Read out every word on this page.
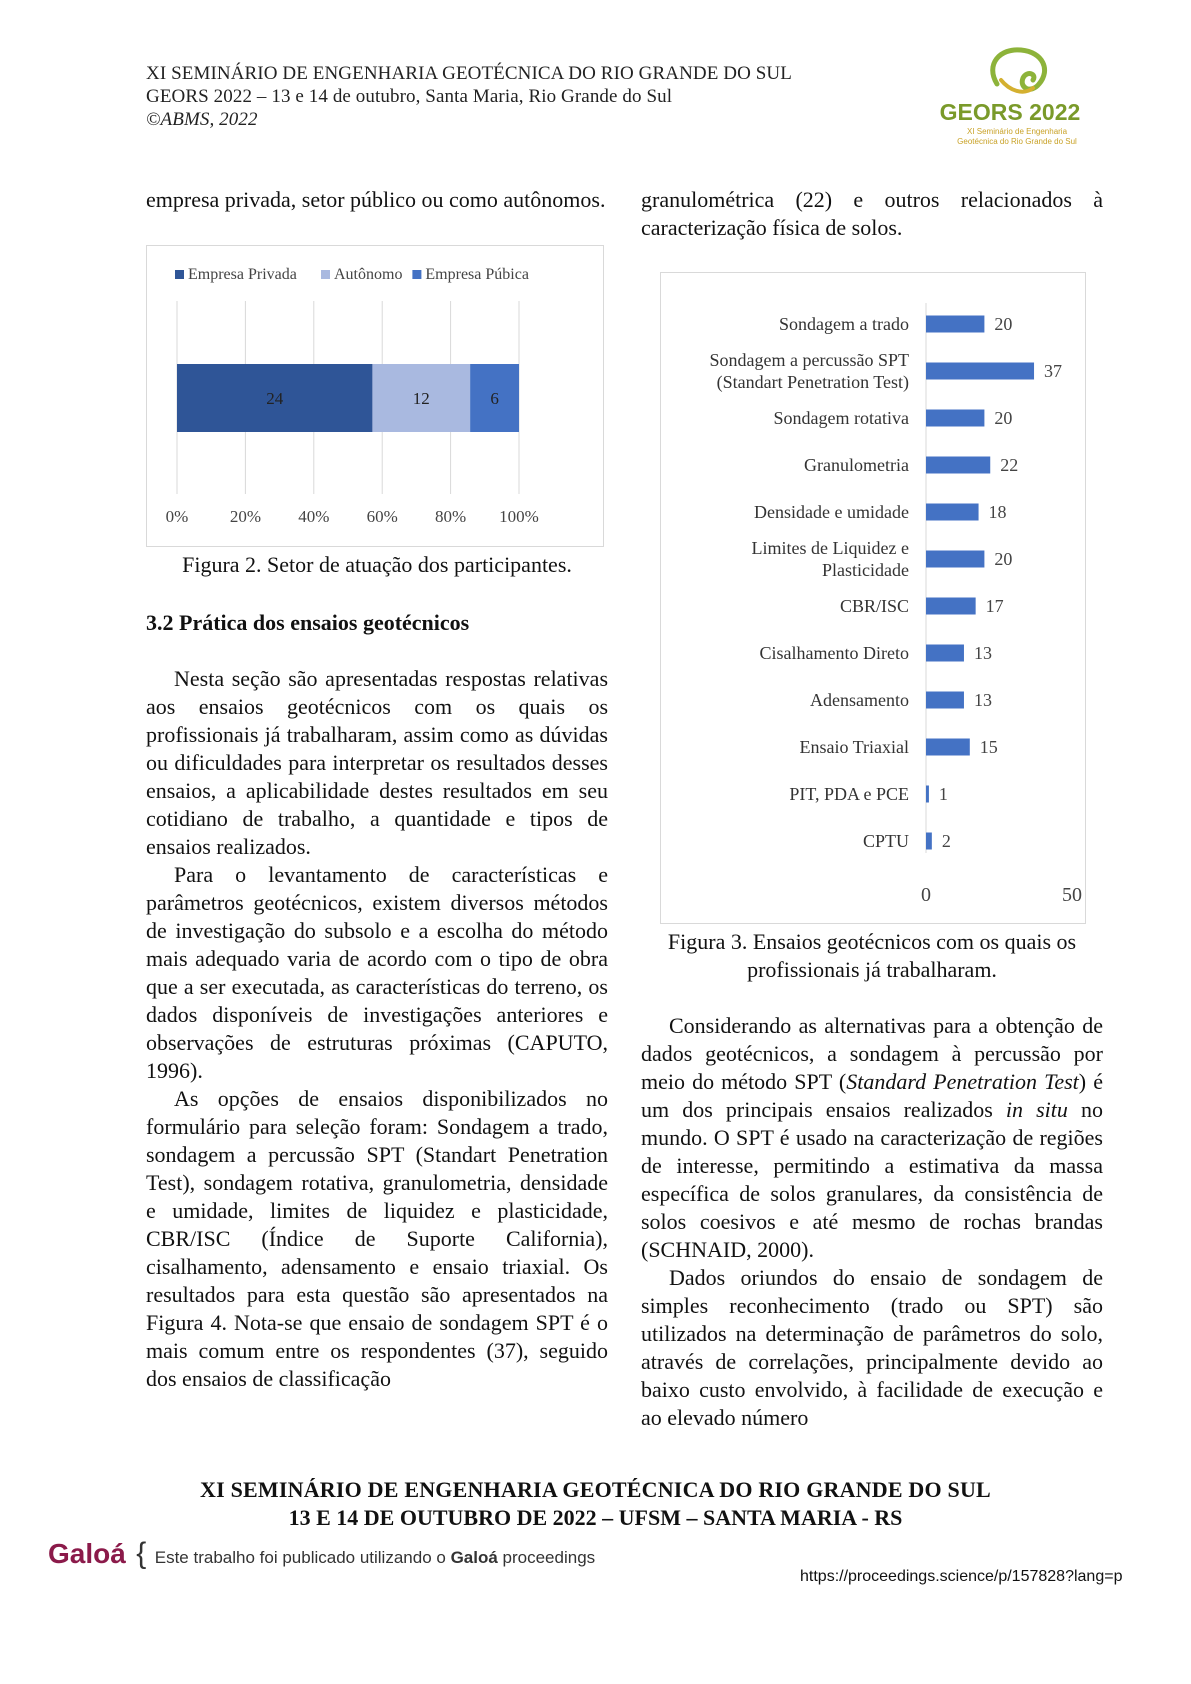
XI SEMINÁRIO DE ENGENHARIA GEOTÉCNICA DO RIO GRANDE DO SUL
GEORS 2022 – 13 e 14 de outubro, Santa Maria, Rio Grande do Sul
©ABMS, 2022	GEORS 2022
XI Seminário de Engenharia
Geotécnica do Rio Grande do Sul

empresa privada, setor público ou como autônomos.

0% 20% 40% 60% 80% 100%
Empresa Privada Autônomo Empresa Púbica
24	12	6
Figura 2. Setor de atuação dos participantes.
3.2 Prática dos ensaios geotécnicos

Nesta seção são apresentadas respostas relativas aos ensaios geotécnicos com os quais os profissionais já trabalharam, assim como as dúvidas ou dificuldades para interpretar os resultados desses ensaios, a aplicabilidade destes resultados em seu cotidiano de trabalho, a quantidade e tipos de ensaios realizados.

Para o levantamento de características e parâmetros geotécnicos, existem diversos métodos de investigação do subsolo e a escolha do método mais adequado varia de acordo com o tipo de obra que a ser executada, as características do terreno, os dados disponíveis de investigações anteriores e observações de estruturas próximas (CAPUTO, 1996).

As opções de ensaios disponibilizados no formulário para seleção foram: Sondagem a trado, sondagem a percussão SPT (Standart Penetration Test), sondagem rotativa, granulometria, densidade e umidade, limites de liquidez e plasticidade, CBR/ISC (Índice de Suporte California), cisalhamento, adensamento e ensaio triaxial. Os resultados para esta questão são apresentados na Figura 4. Nota-se que ensaio de sondagem SPT é o mais comum entre os respondentes (37), seguido dos ensaios de classificação

granulométrica (22) e outros relacionados à caracterização física de solos.

20
Sondagem a trado
37
Sondagem a percussão SPT
(Standart Penetration Test)
20
Sondagem rotativa
22
Granulometria
18
Densidade e umidade
20
Limites de Liquidez e
Plasticidade
17
CBR/ISC
13
Cisalhamento Direto
13
Adensamento
15
Ensaio Triaxial
1
PIT, PDA e PCE
2
CPTU
0	50
Figura 3. Ensaios geotécnicos com os quais os
profissionais já trabalharam.

Considerando as alternativas para a obtenção de dados geotécnicos, a sondagem à percussão por meio do método SPT (Standard Penetration Test) é um dos principais ensaios realizados in situ no mundo. O SPT é usado na caracterização de regiões de interesse, permitindo a estimativa da massa específica de solos granulares, da consistência de solos coesivos e até mesmo de rochas brandas (SCHNAID, 2000).

Dados oriundos do ensaio de sondagem de simples reconhecimento (trado ou SPT) são utilizados na determinação de parâmetros do solo, através de correlações, principalmente devido ao baixo custo envolvido, à facilidade de execução e ao elevado número

XI SEMINÁRIO DE ENGENHARIA GEOTÉCNICA DO RIO GRANDE DO SUL
13 E 14 DE OUTUBRO DE 2022 – UFSM – SANTA MARIA - RS
Galoá { Este trabalho foi publicado utilizando o Galoá proceedings
https://proceedings.science/p/157828?lang=p
